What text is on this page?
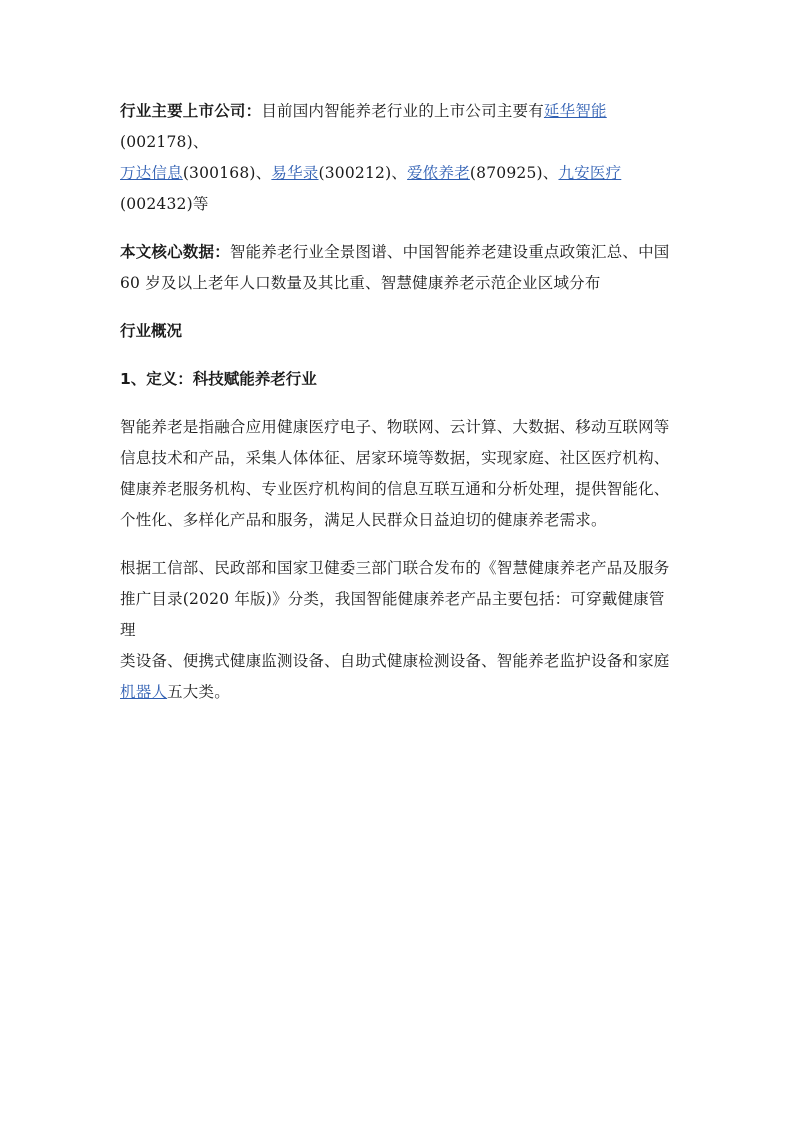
行业主要上市公司：目前国内智能养老行业的上市公司主要有延华智能(002178)、
万达信息(300168)、易华录(300212)、爱侬养老(870925)、九安医疗(002432)等

本文核心数据：智能养老行业全景图谱、中国智能养老建设重点政策汇总、中国
60 岁及以上老年人口数量及其比重、智慧健康养老示范企业区域分布

行业概况

1、定义：科技赋能养老行业

智能养老是指融合应用健康医疗电子、物联网、云计算、大数据、移动互联网等
信息技术和产品，采集人体体征、居家环境等数据，实现家庭、社区医疗机构、
健康养老服务机构、专业医疗机构间的信息互联互通和分析处理，提供智能化、
个性化、多样化产品和服务，满足人民群众日益迫切的健康养老需求。

根据工信部、民政部和国家卫健委三部门联合发布的《智慧健康养老产品及服务
推广目录(2020 年版)》分类，我国智能健康养老产品主要包括：可穿戴健康管理
类设备、便携式健康监测设备、自助式健康检测设备、智能养老监护设备和家庭
机器人五大类。
